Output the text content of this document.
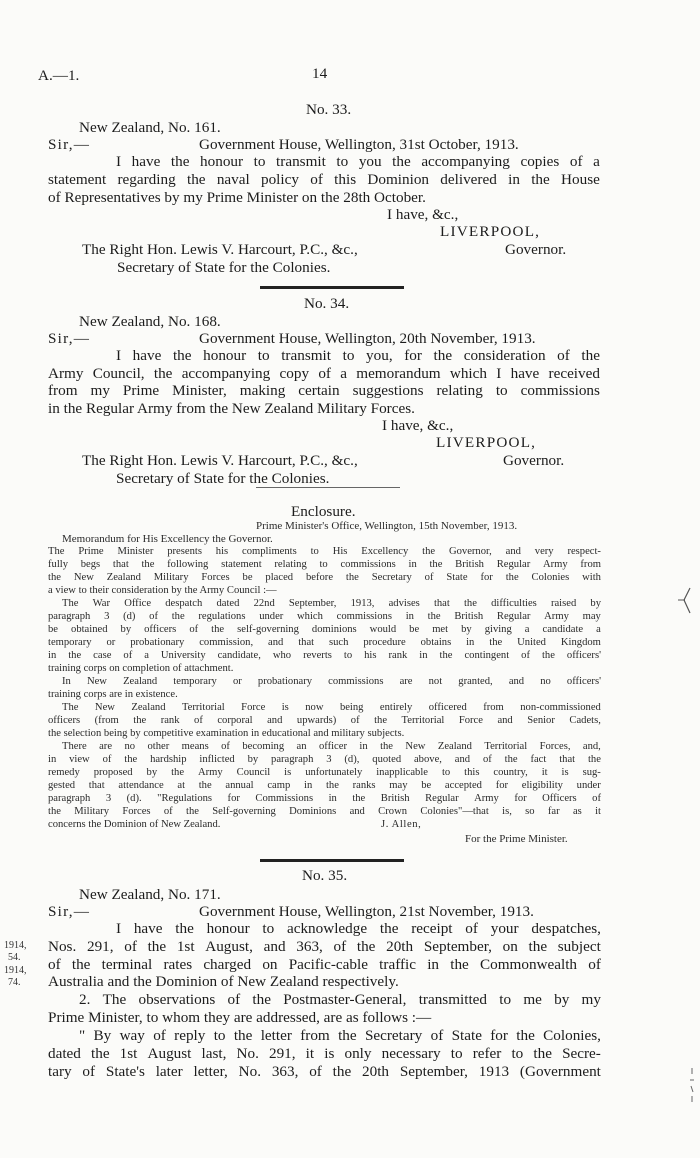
A.—1.	14
No. 33.
New Zealand, No. 161.
Sir,—	Government House, Wellington, 31st October, 1913.
I have the honour to transmit to you the accompanying copies of a
statement regarding the naval policy of this Dominion delivered in the House
of Representatives by my Prime Minister on the 28th October.
I have, &c.,
LIVERPOOL,
The Right Hon. Lewis V. Harcourt, P.C., &c.,	Governor.
Secretary of State for the Colonies.
No. 34.
New Zealand, No. 168.
Sir,—	Government House, Wellington, 20th November, 1913.
I have the honour to transmit to you, for the consideration of the
Army Council, the accompanying copy of a memorandum which I have received
from my Prime Minister, making certain suggestions relating to commissions
in the Regular Army from the New Zealand Military Forces.
I have, &c.,
LIVERPOOL,
The Right Hon. Lewis V. Harcourt, P.C., &c.,	Governor.
Secretary of State for the Colonies.
Enclosure.
Prime Minister's Office, Wellington, 15th November, 1913.
Memorandum for His Excellency the Governor.
The Prime Minister presents his compliments to His Excellency the Governor, and very respect-
fully begs that the following statement relating to commissions in the British Regular Army from
the New Zealand Military Forces be placed before the Secretary of State for the Colonies with
a view to their consideration by the Army Council :—
The War Office despatch dated 22nd September, 1913, advises that the difficulties raised by
paragraph 3 (d) of the regulations under which commissions in the British Regular Army may
be obtained by officers of the self-governing dominions would be met by giving a candidate a
temporary or probationary commission, and that such procedure obtains in the United Kingdom
in the case of a University candidate, who reverts to his rank in the contingent of the officers'
training corps on completion of attachment.
In New Zealand temporary or probationary commissions are not granted, and no officers'
training corps are in existence.
The New Zealand Territorial Force is now being entirely officered from non-commissioned
officers (from the rank of corporal and upwards) of the Territorial Force and Senior Cadets,
the selection being by competitive examination in educational and military subjects.
There are no other means of becoming an officer in the New Zealand Territorial Forces, and,
in view of the hardship inflicted by paragraph 3 (d), quoted above, and of the fact that the
remedy proposed by the Army Council is unfortunately inapplicable to this country, it is sug-
gested that attendance at the annual camp in the ranks may be accepted for eligibility under
paragraph 3 (d). "Regulations for Commissions in the British Regular Army for Officers of
the Military Forces of the Self-governing Dominions and Crown Colonies"—that is, so far as it
concerns the Dominion of New Zealand.	J. Allen,
For the Prime Minister.
No. 35.
New Zealand, No. 171.
Sir,—	Government House, Wellington, 21st November, 1913.
I have the honour to acknowledge the receipt of your despatches,
Nos. 291, of the 1st August, and 363, of the 20th September, on the subject
of the terminal rates charged on Pacific-cable traffic in the Commonwealth of
Australia and the Dominion of New Zealand respectively.
2. The observations of the Postmaster-General, transmitted to me by my
Prime Minister, to whom they are addressed, are as follows :—
" By way of reply to the letter from the Secretary of State for the Colonies,
dated the 1st August last, No. 291, it is only necessary to refer to the Secre-
tary of State's later letter, No. 363, of the 20th September, 1913 (Government
1914,
54.
1914,
74.
